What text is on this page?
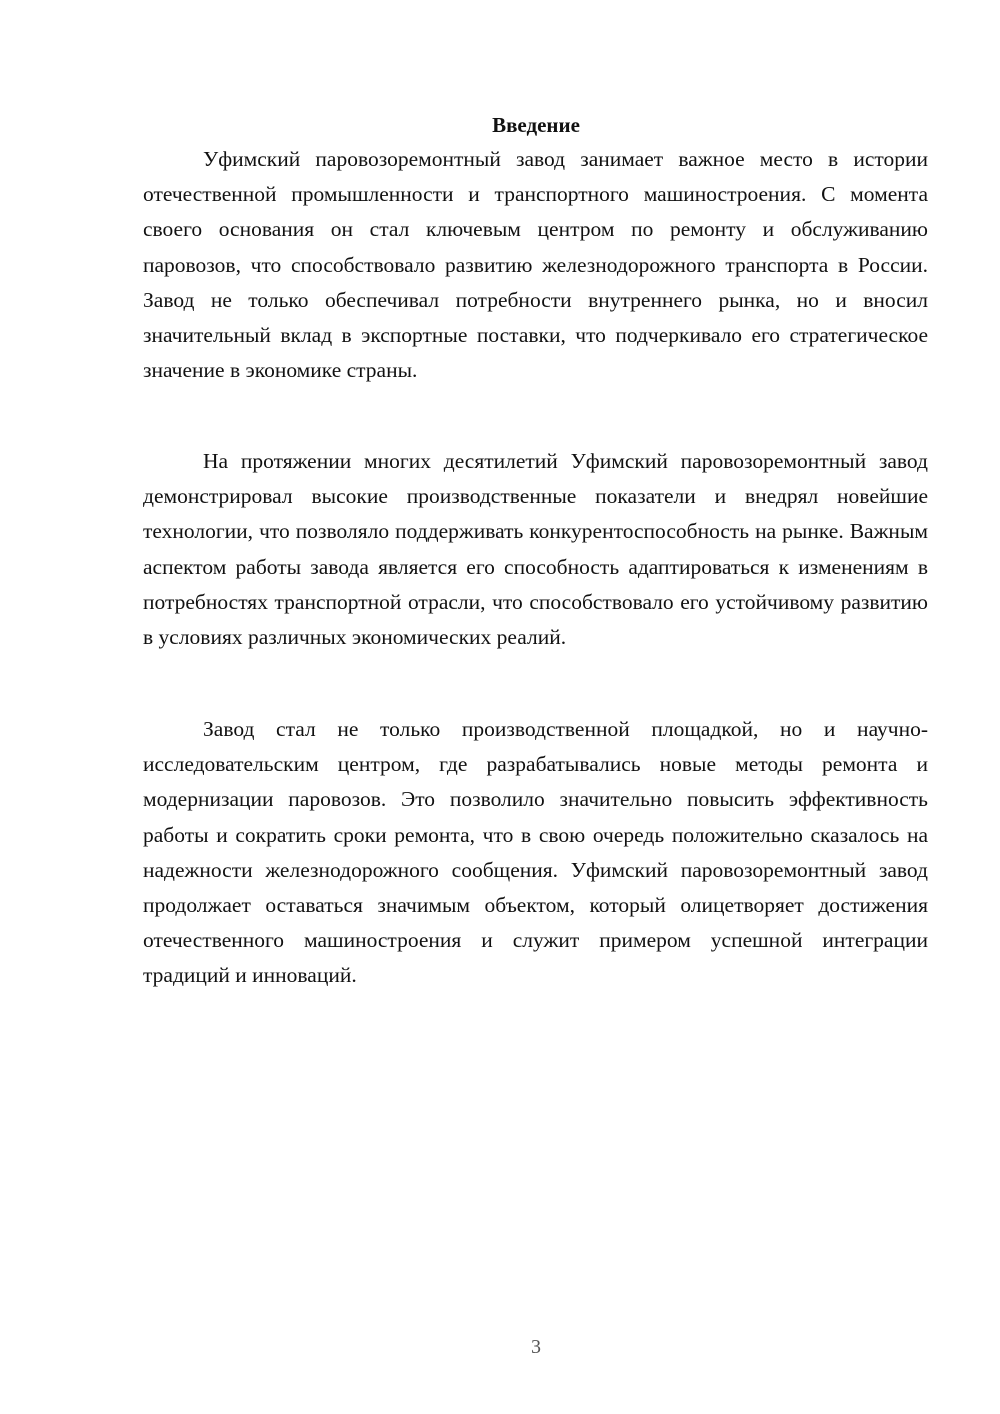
Введение

Уфимский паровозоремонтный завод занимает важное место в истории отечественной промышленности и транспортного машиностроения. С момента своего основания он стал ключевым центром по ремонту и обслуживанию паровозов, что способствовало развитию железнодорожного транспорта в России. Завод не только обеспечивал потребности внутреннего рынка, но и вносил значительный вклад в экспортные поставки, что подчеркивало его стратегическое значение в экономике страны.

На протяжении многих десятилетий Уфимский паровозоремонтный завод демонстрировал высокие производственные показатели и внедрял новейшие технологии, что позволяло поддерживать конкурентоспособность на рынке. Важным аспектом работы завода является его способность адаптироваться к изменениям в потребностях транспортной отрасли, что способствовало его устойчивому развитию в условиях различных экономических реалий.

Завод стал не только производственной площадкой, но и научно-исследовательским центром, где разрабатывались новые методы ремонта и модернизации паровозов. Это позволило значительно повысить эффективность работы и сократить сроки ремонта, что в свою очередь положительно сказалось на надежности железнодорожного сообщения. Уфимский паровозоремонтный завод продолжает оставаться значимым объектом, который олицетворяет достижения отечественного машиностроения и служит примером успешной интеграции традиций и инноваций.

3
